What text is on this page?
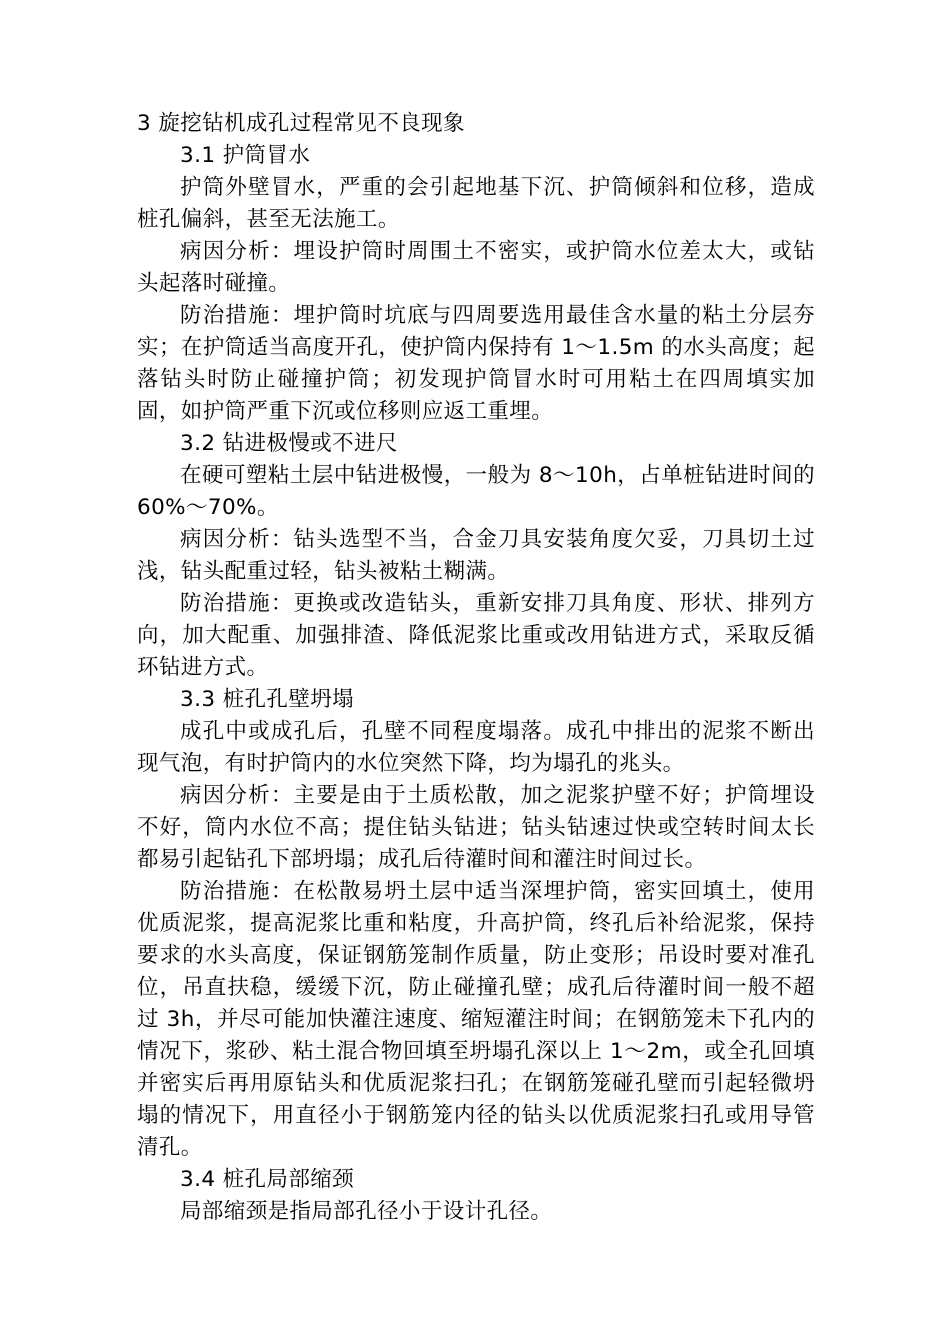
3 旋挖钻机成孔过程常见不良现象

3.1 护筒冒水

护筒外壁冒水，严重的会引起地基下沉、护筒倾斜和位移，造成桩孔偏斜，甚至无法施工。

病因分析：埋设护筒时周围土不密实，或护筒水位差太大，或钻头起落时碰撞。

防治措施：埋护筒时坑底与四周要选用最佳含水量的粘土分层夯实；在护筒适当高度开孔，使护筒内保持有 1～1.5m 的水头高度；起落钻头时防止碰撞护筒；初发现护筒冒水时可用粘土在四周填实加固，如护筒严重下沉或位移则应返工重埋。

3.2 钻进极慢或不进尺

在硬可塑粘土层中钻进极慢，一般为 8～10h，占单桩钻进时间的 60%～70%。

病因分析：钻头选型不当，合金刀具安装角度欠妥，刀具切土过浅，钻头配重过轻，钻头被粘土糊满。

防治措施：更换或改造钻头，重新安排刀具角度、形状、排列方向，加大配重、加强排渣、降低泥浆比重或改用钻进方式，采取反循环钻进方式。

3.3 桩孔孔壁坍塌

成孔中或成孔后，孔壁不同程度塌落。成孔中排出的泥浆不断出现气泡，有时护筒内的水位突然下降，均为塌孔的兆头。

病因分析：主要是由于土质松散，加之泥浆护壁不好；护筒埋设不好，筒内水位不高；提住钻头钻进；钻头钻速过快或空转时间太长都易引起钻孔下部坍塌；成孔后待灌时间和灌注时间过长。

防治措施：在松散易坍土层中适当深埋护筒，密实回填土，使用优质泥浆，提高泥浆比重和粘度，升高护筒，终孔后补给泥浆，保持要求的水头高度，保证钢筋笼制作质量，防止变形；吊设时要对准孔位，吊直扶稳，缓缓下沉，防止碰撞孔壁；成孔后待灌时间一般不超过 3h，并尽可能加快灌注速度、缩短灌注时间；在钢筋笼未下孔内的情况下，浆砂、粘土混合物回填至坍塌孔深以上 1～2m，或全孔回填并密实后再用原钻头和优质泥浆扫孔；在钢筋笼碰孔壁而引起轻微坍塌的情况下，用直径小于钢筋笼内径的钻头以优质泥浆扫孔或用导管清孔。

3.4 桩孔局部缩颈

局部缩颈是指局部孔径小于设计孔径。
